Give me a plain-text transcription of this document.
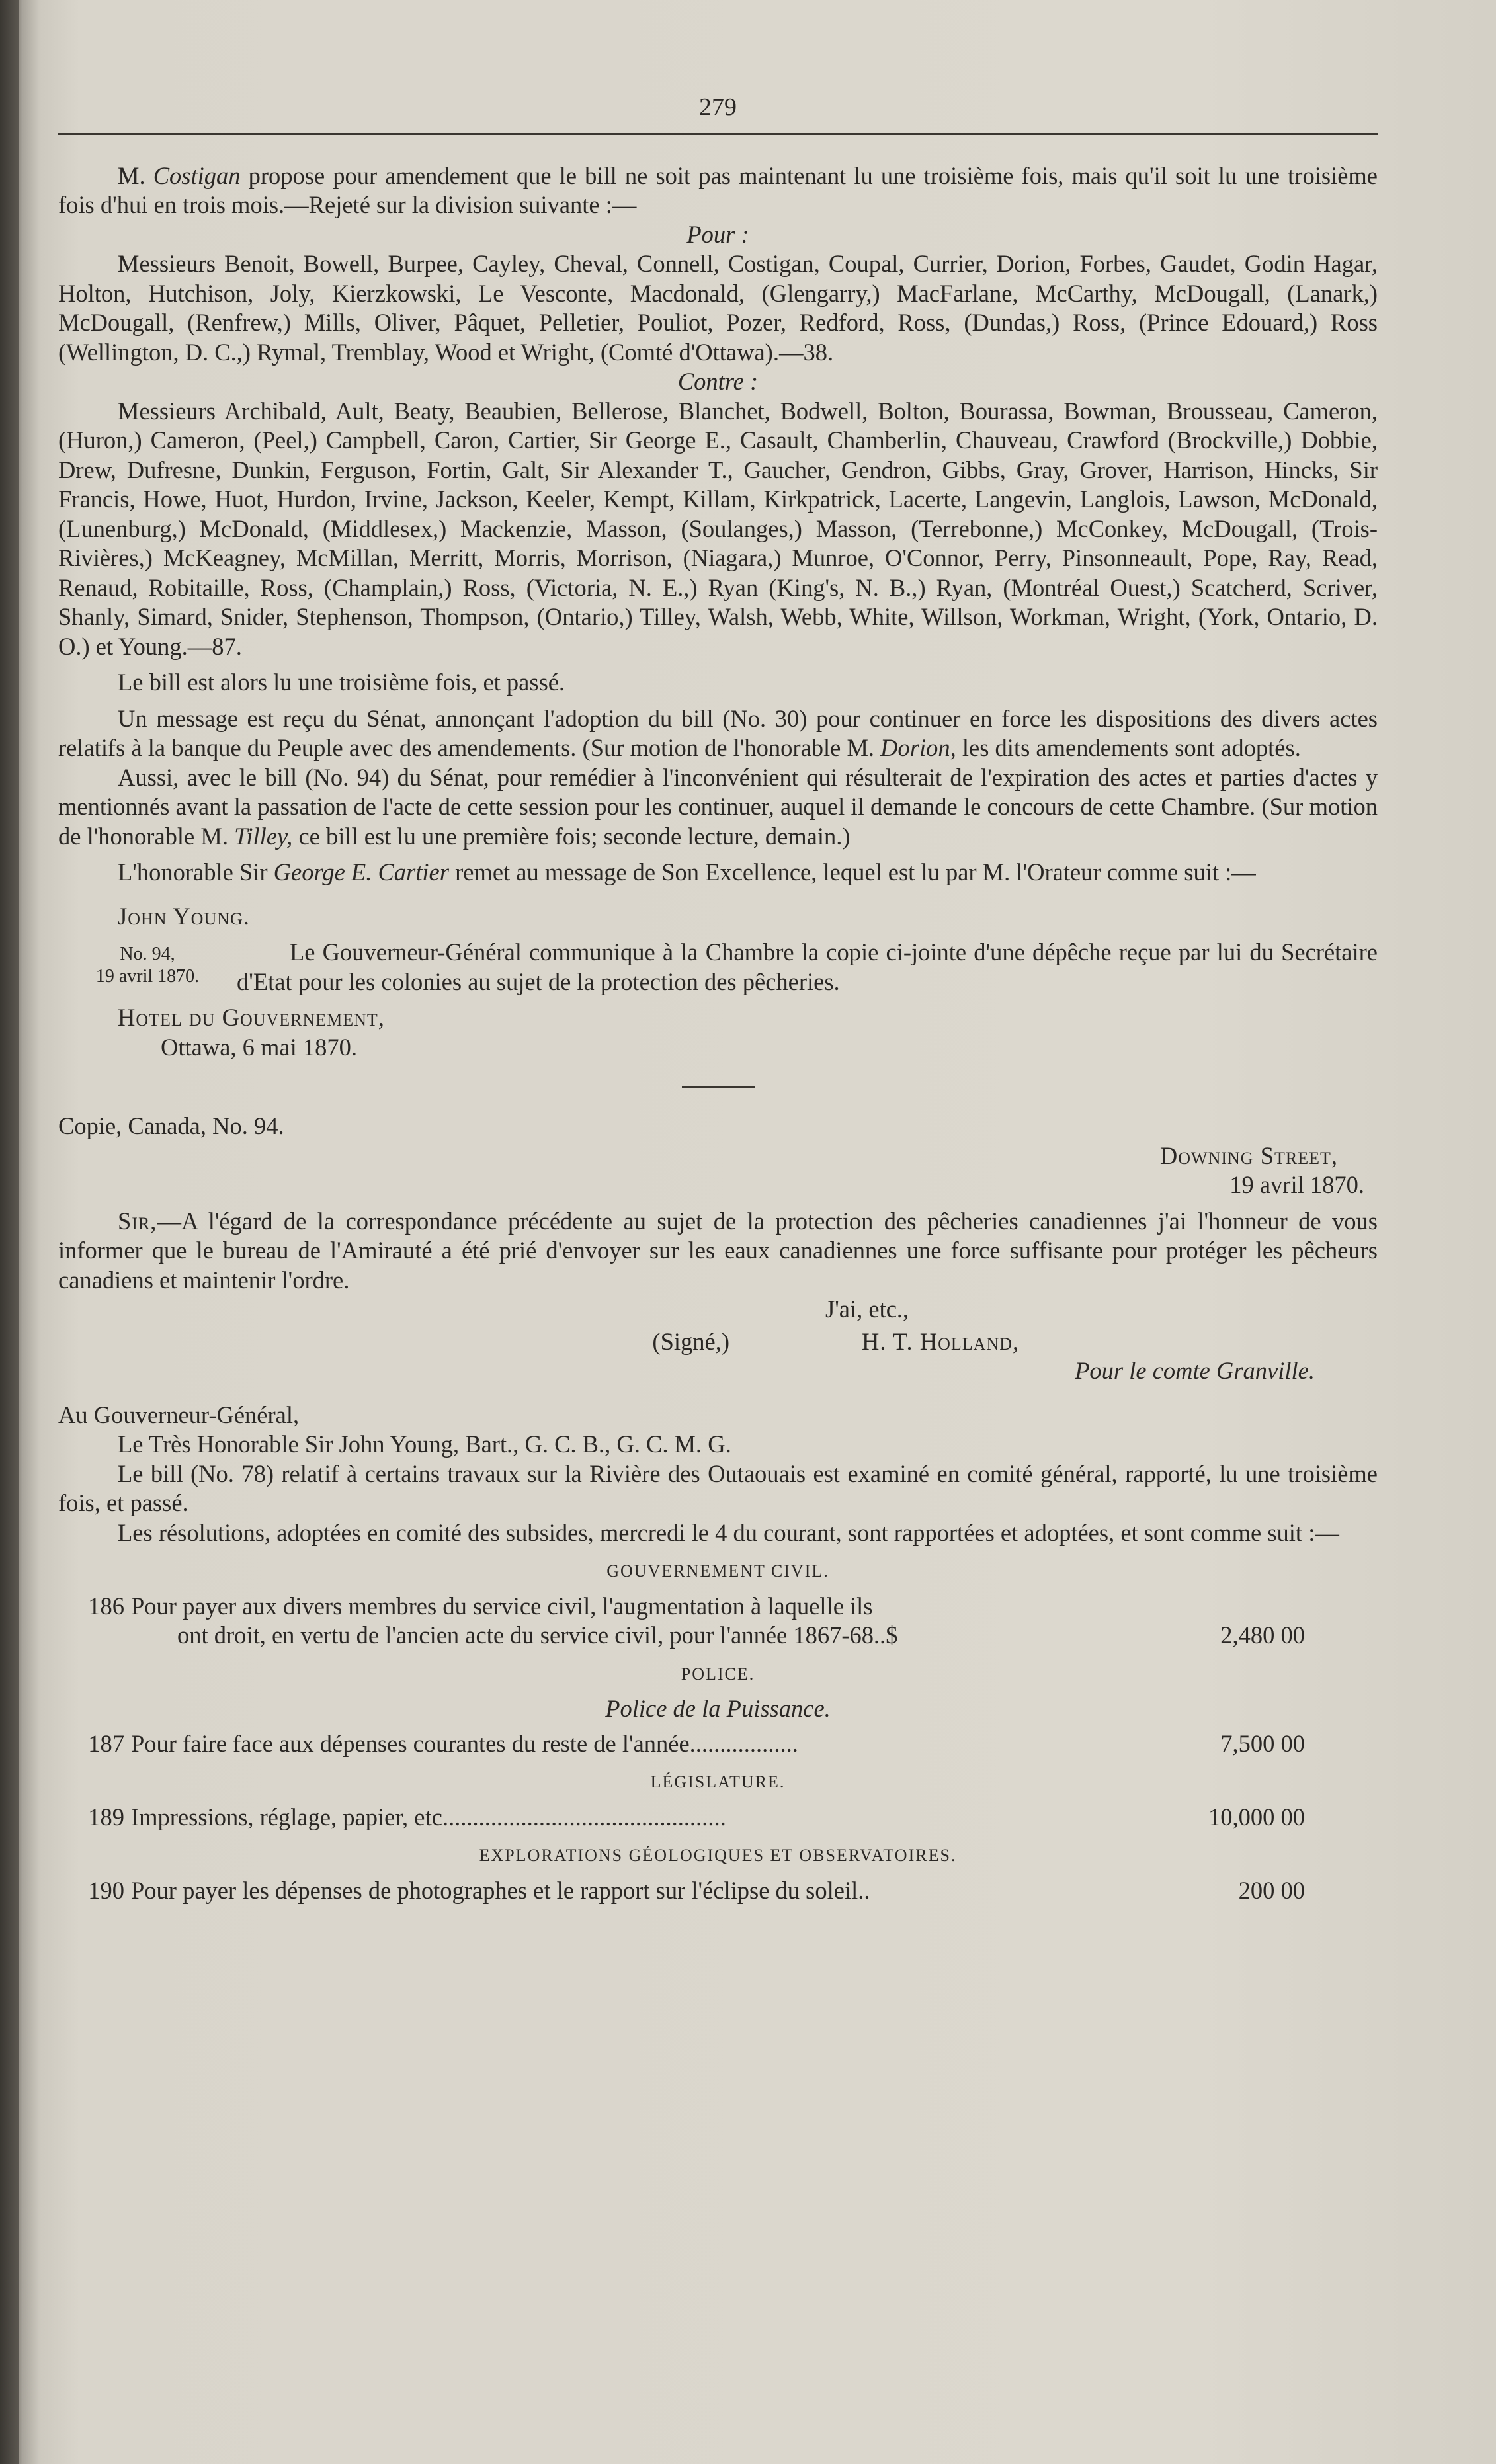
279

M. Costigan propose pour amendement que le bill ne soit pas maintenant lu une troisième fois, mais qu'il soit lu une troisième fois d'hui en trois mois.—Rejeté sur la division suivante :—

Pour :

Messieurs Benoit, Bowell, Burpee, Cayley, Cheval, Connell, Costigan, Coupal, Currier, Dorion, Forbes, Gaudet, Godin Hagar, Holton, Hutchison, Joly, Kierzkowski, Le Vesconte, Macdonald, (Glengarry,) MacFarlane, McCarthy, McDougall, (Lanark,) McDougall, (Renfrew,) Mills, Oliver, Pâquet, Pelletier, Pouliot, Pozer, Redford, Ross, (Dundas,) Ross, (Prince Edouard,) Ross (Wellington, D. C.,) Rymal, Tremblay, Wood et Wright, (Comté d'Ottawa).—38.

Contre :

Messieurs Archibald, Ault, Beaty, Beaubien, Bellerose, Blanchet, Bodwell, Bolton, Bourassa, Bowman, Brousseau, Cameron, (Huron,) Cameron, (Peel,) Campbell, Caron, Cartier, Sir George E., Casault, Chamberlin, Chauveau, Crawford (Brockville,) Dobbie, Drew, Dufresne, Dunkin, Ferguson, Fortin, Galt, Sir Alexander T., Gaucher, Gendron, Gibbs, Gray, Grover, Harrison, Hincks, Sir Francis, Howe, Huot, Hurdon, Irvine, Jackson, Keeler, Kempt, Killam, Kirkpatrick, Lacerte, Langevin, Langlois, Lawson, McDonald, (Lunenburg,) McDonald, (Middlesex,) Mackenzie, Masson, (Soulanges,) Masson, (Terrebonne,) McConkey, McDougall, (Trois-Rivières,) McKeagney, McMillan, Merritt, Morris, Morrison, (Niagara,) Munroe, O'Connor, Perry, Pinsonneault, Pope, Ray, Read, Renaud, Robitaille, Ross, (Champlain,) Ross, (Victoria, N. E.,) Ryan (King's, N. B.,) Ryan, (Montréal Ouest,) Scatcherd, Scriver, Shanly, Simard, Snider, Stephenson, Thompson, (Ontario,) Tilley, Walsh, Webb, White, Willson, Workman, Wright, (York, Ontario, D. O.) et Young.—87.

Le bill est alors lu une troisième fois, et passé.

Un message est reçu du Sénat, annonçant l'adoption du bill (No. 30) pour continuer en force les dispositions des divers actes relatifs à la banque du Peuple avec des amendements. (Sur motion de l'honorable M. Dorion, les dits amendements sont adoptés.

Aussi, avec le bill (No. 94) du Sénat, pour remédier à l'inconvénient qui résulterait de l'expiration des actes et parties d'actes y mentionnés avant la passation de l'acte de cette session pour les continuer, auquel il demande le concours de cette Chambre. (Sur motion de l'honorable M. Tilley, ce bill est lu une première fois; seconde lecture, demain.)

L'honorable Sir George E. Cartier remet au message de Son Excellence, lequel est lu par M. l'Orateur comme suit :—

John Young.
No. 94,
19 avril 1870.
Le Gouverneur-Général communique à la Chambre la copie ci-jointe d'une dépêche reçue par lui du Secrétaire d'Etat pour les colonies au sujet de la protection des pêcheries.
Hotel du Gouvernement,
Ottawa, 6 mai 1870.
Copie, Canada, No. 94.
Downing Street,
19 avril 1870.

Sir,—A l'égard de la correspondance précédente au sujet de la protection des pêcheries canadiennes j'ai l'honneur de vous informer que le bureau de l'Amirauté a été prié d'envoyer sur les eaux canadiennes une force suffisante pour protéger les pêcheurs canadiens et maintenir l'ordre.

J'ai, etc.,
(Signé,)	H. T. Holland,
Pour le comte Granville.
Au Gouverneur-Général,
Le Très Honorable Sir John Young, Bart., G. C. B., G. C. M. G.

Le bill (No. 78) relatif à certains travaux sur la Rivière des Outaouais est examiné en comité général, rapporté, lu une troisième fois, et passé.

Les résolutions, adoptées en comité des subsides, mercredi le 4 du courant, sont rapportées et adoptées, et sont comme suit :—

GOUVERNEMENT CIVIL.
186 Pour payer aux divers membres du service civil, l'augmentation à laquelle ils
ont droit, en vertu de l'ancien acte du service civil, pour l'année 1867-68..$	2,480 00
POLICE.
Police de la Puissance.
187 Pour faire face aux dépenses courantes du reste de l'année..................	7,500 00
LÉGISLATURE.
189 Impressions, réglage, papier, etc...............................................	10,000 00
EXPLORATIONS GÉOLOGIQUES ET OBSERVATOIRES.
190 Pour payer les dépenses de photographes et le rapport sur l'éclipse du soleil..	200 00
